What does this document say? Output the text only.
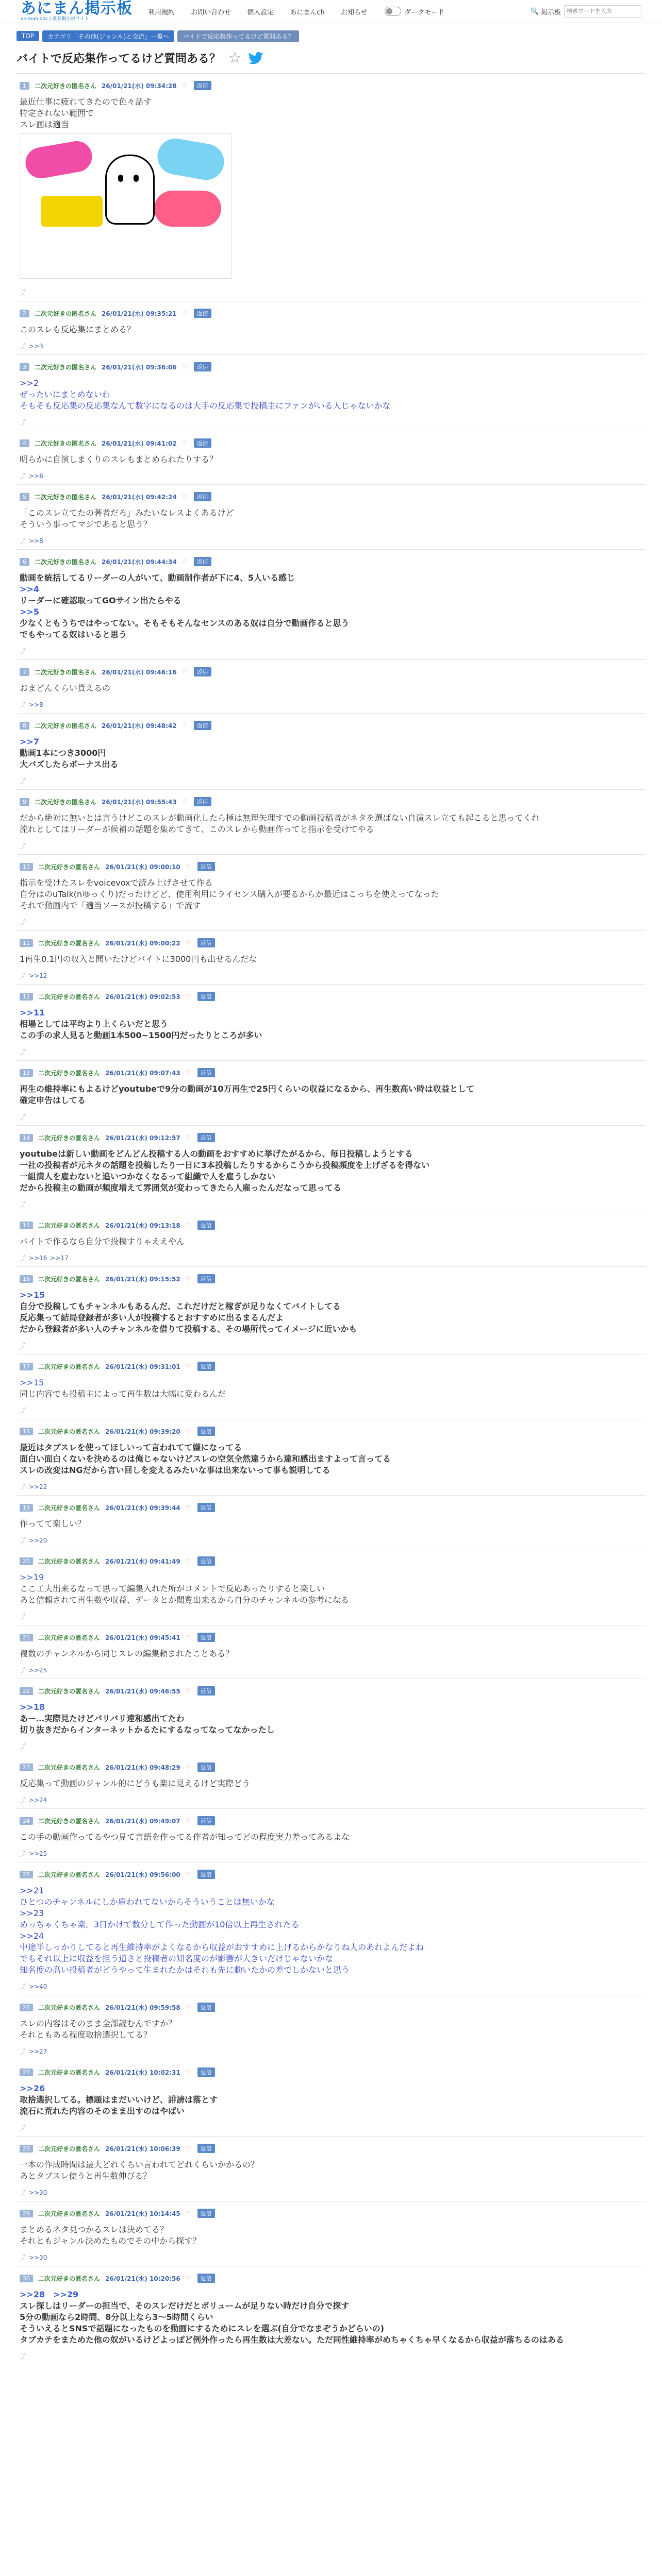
あにまん掲示板
animan bbs | 匿名掲示板サイト
利用規約 お問い合わせ 個人設定 あにまんch お知らせ	ダークモード	🔍 掲示板
検索ワードを入力
TOP	カテゴリ「その他(ジャンル)と交流」一覧へ	バイトで反応集作ってるけど質問ある？
バイトで反応集作ってるけど質問ある？ ☆
1	二次元好きの匿名さん 26/01/21(水) 09:34:28 ♡	返信

最近仕事に疲れてきたので色々話す

特定されない範囲で

スレ画は適当

⤴
2	二次元好きの匿名さん 26/01/21(水) 09:35:21 ♡	返信

このスレも反応集にまとめる？

⤴ >>3
3	二次元好きの匿名さん 26/01/21(水) 09:36:06 ♡	返信

>>2

ぜったいにまとめないわ

そもそも反応集の反応集なんて数字になるのは大手の反応集で投稿主にファンがいる人じゃないかな

⤴
4	二次元好きの匿名さん 26/01/21(水) 09:41:02 ♡	返信

明らかに自演しまくりのスレもまとめられたりする？

⤴ >>6
5	二次元好きの匿名さん 26/01/21(水) 09:42:24 ♡	返信

「このスレ立てたの著者だろ」みたいなレスよくあるけど

そういう事ってマジであると思う？

⤴ >>8
6	二次元好きの匿名さん 26/01/21(水) 09:44:34 ♡	返信

動画を統括してるリーダーの人がいて、動画制作者が下に4、5人いる感じ

>>4

リーダーに確認取ってGOサイン出たらやる

>>5

少なくともうちではやってない。そもそもそんなセンスのある奴は自分で動画作ると思う

でもやってる奴はいると思う

⤴
7	二次元好きの匿名さん 26/01/21(水) 09:46:16 ♡	返信

おまどんくらい貰えるの

⤴ >>8
8	二次元好きの匿名さん 26/01/21(水) 09:48:42 ♡	返信

>>7

動画1本につき3000円

大バズしたらボーナス出る

⤴
9	二次元好きの匿名さん 26/01/21(水) 09:55:43 ♡	返信

だから絶対に無いとは言うけどこのスレが動画化したら極は無理矢理すでの動画投稿者がネタを選ばない自演スレ立ても起こると思ってくれ

流れとしてはリーダーが候補の話題を集めてきて、このスレから動画作ってと指示を受けてやる

⤴
10	二次元好きの匿名さん 26/01/21(水) 09:00:10 ♡	返信

指示を受けたスレをvoicevoxで読み上げさせて作る

自分はのuTalk(nゆっくり)だったけどど、使用利用にライセンス購入が要るからか最近はこっちを使えってなった

それで動画内で「適当ソースが投稿する」で流す

⤴
11	二次元好きの匿名さん 26/01/21(水) 09:00:22 ♡	返信

1再生0.1円の収入と聞いたけどバイトに3000円も出せるんだな

⤴ >>12
12	二次元好きの匿名さん 26/01/21(水) 09:02:53 ♡	返信

>>11

相場としては平均より上くらいだと思う

この手の求人見ると動画1本500~1500円だったりところが多い

⤴
13	二次元好きの匿名さん 26/01/21(水) 09:07:43 ♡	返信

再生の維持率にもよるけどyoutubeで9分の動画が10万再生で25円くらいの収益になるから、再生数高い時は収益として

確定申告はしてる

⤴
14	二次元好きの匿名さん 26/01/21(水) 09:12:57 ♡	返信

youtubeは新しい動画をどんどん投稿する人の動画をおすすめに挙げたがるから、毎日投稿しようとする

一社の投稿者が元ネタの話題を投稿したり一日に3本投稿したりするからこうから投稿頻度を上げざるを得ない

一組満人を雇わないと追いつかなくなるって組織で人を雇うしかない

だから投稿主の動画が頻度増えて雰囲気が変わってきたら人雇ったんだなって思ってる

⤴
15	二次元好きの匿名さん 26/01/21(水) 09:13:18 ♡	返信

バイトで作るなら自分で投稿すりゃええやん

⤴ >>16 >>17
16	二次元好きの匿名さん 26/01/21(水) 09:15:52 ♡	返信

>>15

自分で投稿してもチャンネルもあるんだ、これだけだと稼ぎが足りなくてバイトしてる

反応集って結局登録者が多い人が投稿するとおすすめに出るまるんだよ

だから登録者が多い人のチャンネルを借りて投稿する、その場所代ってイメージに近いかも

⤴
17	二次元好きの匿名さん 26/01/21(水) 09:31:01 ♡	返信

>>15

同じ内容でも投稿主によって再生数は大幅に変わるんだ

⤴
18	二次元好きの匿名さん 26/01/21(水) 09:39:20 ♡	返信

最近はタブスレを使ってほしいって言われてて嫌になってる

面白い面白くないを決めるのは俺じゃないけどスレの空気全然違うから違和感出ますよって言ってる

スレの改変はNGだから言い回しを変えるみたいな事は出来ないって事も説明してる

⤴ >>22
19	二次元好きの匿名さん 26/01/21(水) 09:39:44 ♡	返信

作ってて楽しい？

⤴ >>20
20	二次元好きの匿名さん 26/01/21(水) 09:41:49 ♡	返信

>>19

ここ工夫出来るなって思って編集入れた所がコメントで反応あったりすると楽しい

あと信頼されて再生数や収益、データとか閲覧出来るから自分のチャンネルの参考になる

⤴
21	二次元好きの匿名さん 26/01/21(水) 09:45:41 ♡	返信

複数のチャンネルから同じスレの編集頼まれたことある？

⤴ >>25
22	二次元好きの匿名さん 26/01/21(水) 09:46:55 ♡	返信

>>18

あー…実際見たけどバリバリ違和感出てたわ

切り抜きだからインターネットかるたにするなってなってなかったし

⤴
23	二次元好きの匿名さん 26/01/21(水) 09:48:29 ♡	返信

反応集って動画のジャンル的にどうも楽に見えるけど実際どう

⤴ >>24
24	二次元好きの匿名さん 26/01/21(水) 09:49:07 ♡	返信

この手の動画作ってるやつ見て言語を作ってる作者が知ってどの程度実力差ってあるよな

⤴ >>25
25	二次元好きの匿名さん 26/01/21(水) 09:56:00 ♡	返信

>>21

ひとつのチャンネルにしか雇われてないからそういうことは無いかな

>>23

めっちゃくちゃ楽。3日かけて数分して作った動画が10倍以上再生されたる

>>24

中途半しっかりしてると再生維持率がよくなるから収益がおすすめに上げるからかなりね人のあれよんだよね

でもそれ以上に収益を担う道さと投稿者の知名度のが影響が大きいだけじゃないかな

知名度の高い投稿者がどうやって生まれたかはそれも先に動いたかの差でしかないと思う

⤴ >>40
26	二次元好きの匿名さん 26/01/21(水) 09:59:58 ♡	返信

スレの内容はそのまま全部読むんですか？

それともある程度取捨選択してる？

⤴ >>27
27	二次元好きの匿名さん 26/01/21(水) 10:02:31 ♡	返信

>>26

取捨選択してる。標題はまだいいけど、誹謗は落とす

流石に荒れた内容のそのまま出すのはやばい

⤴
28	二次元好きの匿名さん 26/01/21(水) 10:06:39 ♡	返信

一本の作成時間は最大どれくらい言われてどれくらいかかるの？

あとタブスレ使うと再生数伸びる？

⤴ >>30
29	二次元好きの匿名さん 26/01/21(水) 10:14:45 ♡	返信

まとめるネタ見つかるスレは決めてる？

それともジャンル決めたものでその中から探す？

⤴ >>30
30	二次元好きの匿名さん 26/01/21(水) 10:20:56 ♡	返信

>>28　>>29

スレ探しはリーダーの担当で、そのスレだけだとボリュームが足りない時だけ自分で探す

5分の動画なら2時間、8分以上なら3〜5時間くらい

そういえるとSNSで話題になったものを動画にするためにスレを選ぶ(自分でなまぞうかどらいの)

タブカテをまためた他の奴がいるけどよっぽど例外作ったら再生数は大差ない。ただ同性維持率がめちゃくちゃ早くなるから収益が落ちるのはある

⤴
